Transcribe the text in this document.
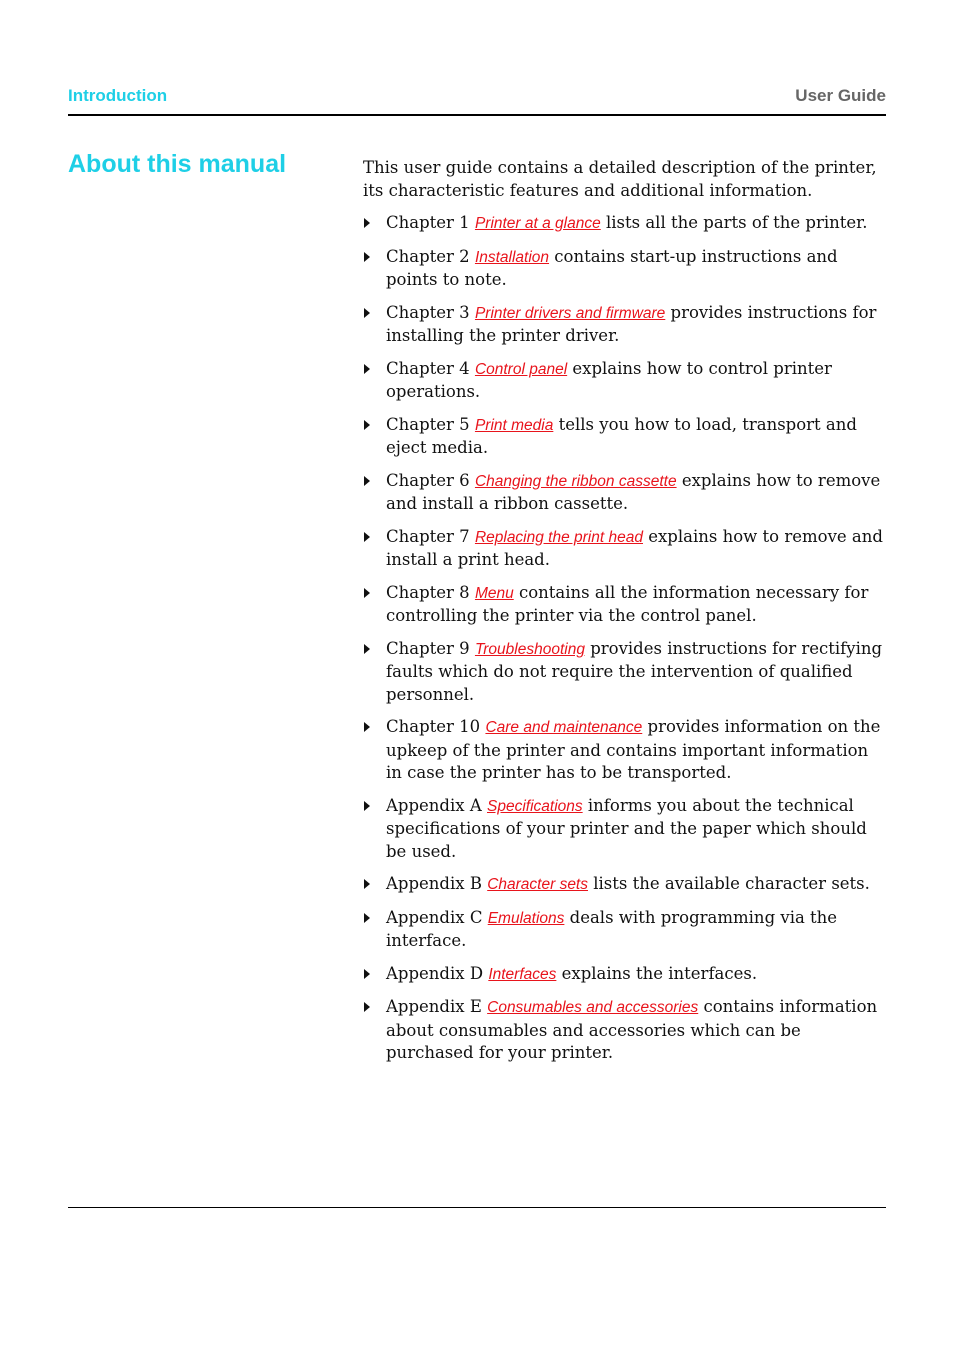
Introduction	User Guide
About this manual	This user guide contains a detailed description of the printer, its characteristic features and additional information.

Chapter 1 Printer at a glance lists all the parts of the printer.
Chapter 2 Installation contains start-up instructions and points to note.
Chapter 3 Printer drivers and firmware provides instructions for installing the printer driver.
Chapter 4 Control panel explains how to control printer operations.
Chapter 5 Print media tells you how to load, transport and eject media.
Chapter 6 Changing the ribbon cassette explains how to remove and install a ribbon cassette.
Chapter 7 Replacing the print head explains how to remove and install a print head.
Chapter 8 Menu contains all the information necessary for controlling the printer via the control panel.
Chapter 9 Troubleshooting provides instructions for rectifying faults which do not require the intervention of qualified personnel.
Chapter 10 Care and maintenance provides information on the upkeep of the printer and contains important information in case the printer has to be transported.
Appendix A Specifications informs you about the technical specifications of your printer and the paper which should be used.
Appendix B Character sets lists the available character sets.
Appendix C Emulations deals with programming via the interface.
Appendix D Interfaces explains the interfaces.
Appendix E Consumables and accessories contains information about consumables and accessories which can be purchased for your printer.
